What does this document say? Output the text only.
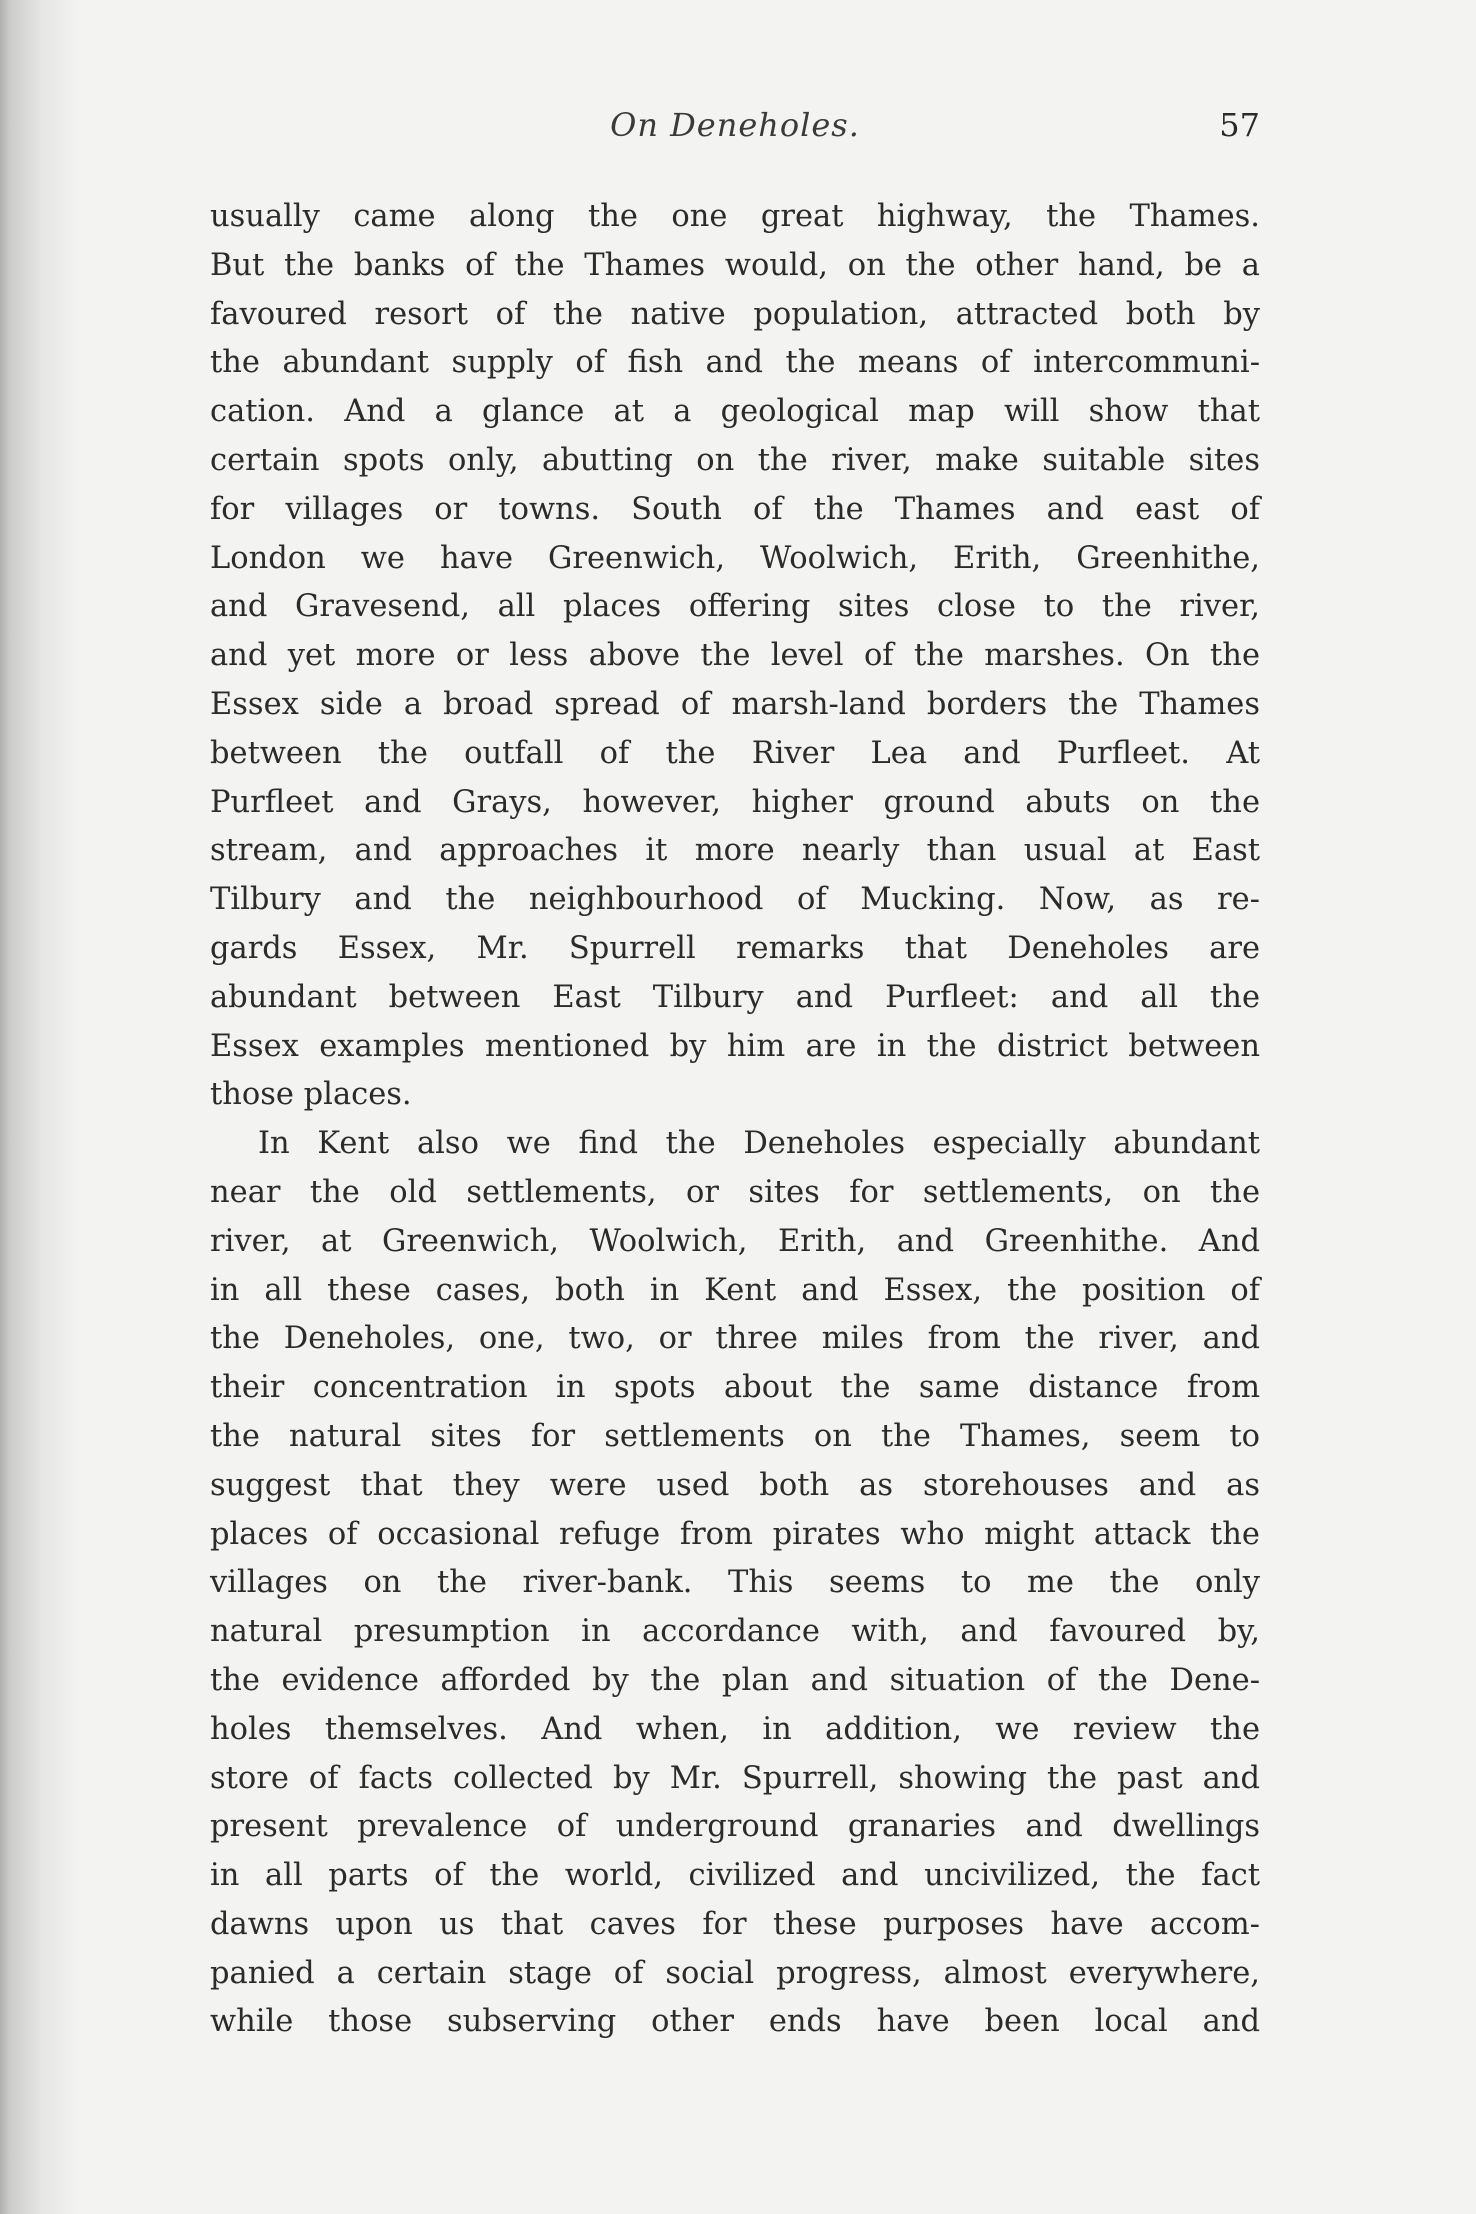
On Deneholes.	57
usually came along the one great highway, the Thames.
But the banks of the Thames would, on the other hand, be a
favoured resort of the native population, attracted both by
the abundant supply of fish and the means of intercommuni-
cation. And a glance at a geological map will show that
certain spots only, abutting on the river, make suitable sites
for villages or towns. South of the Thames and east of
London we have Greenwich, Woolwich, Erith, Greenhithe,
and Gravesend, all places offering sites close to the river,
and yet more or less above the level of the marshes. On the
Essex side a broad spread of marsh-land borders the Thames
between the outfall of the River Lea and Purfleet. At
Purfleet and Grays, however, higher ground abuts on the
stream, and approaches it more nearly than usual at East
Tilbury and the neighbourhood of Mucking. Now, as re-
gards Essex, Mr. Spurrell remarks that Deneholes are
abundant between East Tilbury and Purfleet: and all the
Essex examples mentioned by him are in the district between
those places.
In Kent also we find the Deneholes especially abundant
near the old settlements, or sites for settlements, on the
river, at Greenwich, Woolwich, Erith, and Greenhithe. And
in all these cases, both in Kent and Essex, the position of
the Deneholes, one, two, or three miles from the river, and
their concentration in spots about the same distance from
the natural sites for settlements on the Thames, seem to
suggest that they were used both as storehouses and as
places of occasional refuge from pirates who might attack the
villages on the river-bank. This seems to me the only
natural presumption in accordance with, and favoured by,
the evidence afforded by the plan and situation of the Dene-
holes themselves. And when, in addition, we review the
store of facts collected by Mr. Spurrell, showing the past and
present prevalence of underground granaries and dwellings
in all parts of the world, civilized and uncivilized, the fact
dawns upon us that caves for these purposes have accom-
panied a certain stage of social progress, almost everywhere,
while those subserving other ends have been local and
